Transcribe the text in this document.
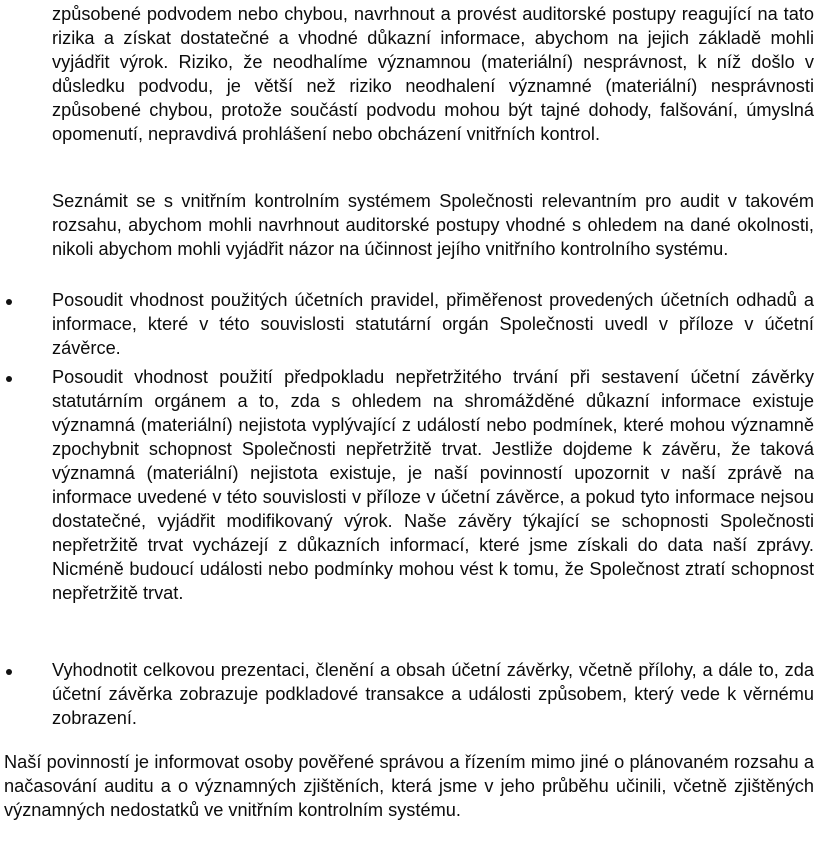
způsobené podvodem nebo chybou, navrhnout a provést auditorské postupy reagující na tato rizika a získat dostatečné a vhodné důkazní informace, abychom na jejich základě mohli vyjádřit výrok. Riziko, že neodhalíme významnou (materiální) nesprávnost, k níž došlo v důsledku podvodu, je větší než riziko neodhalení významné (materiální) nesprávnosti způsobené chybou, protože součástí podvodu mohou být tajné dohody, falšování, úmyslná opomenutí, nepravdivá prohlášení nebo obcházení vnitřních kontrol.

Seznámit se s vnitřním kontrolním systémem Společnosti relevantním pro audit v takovém rozsahu, abychom mohli navrhnout auditorské postupy vhodné s ohledem na dané okolnosti, nikoli abychom mohli vyjádřit názor na účinnost jejího vnitřního kontrolního systému.

Posoudit vhodnost použitých účetních pravidel, přiměřenost provedených účetních odhadů a informace, které v této souvislosti statutární orgán Společnosti uvedl v příloze v účetní závěrce.

Posoudit vhodnost použití předpokladu nepřetržitého trvání při sestavení účetní závěrky statutárním orgánem a to, zda s ohledem na shromážděné důkazní informace existuje významná (materiální) nejistota vyplývající z událostí nebo podmínek, které mohou významně zpochybnit schopnost Společnosti nepřetržitě trvat. Jestliže dojdeme k závěru, že taková významná (materiální) nejistota existuje, je naší povinností upozornit v naší zprávě na informace uvedené v této souvislosti v příloze v účetní závěrce, a pokud tyto informace nejsou dostatečné, vyjádřit modifikovaný výrok. Naše závěry týkající se schopnosti Společnosti nepřetržitě trvat vycházejí z důkazních informací, které jsme získali do data naší zprávy. Nicméně budoucí události nebo podmínky mohou vést k tomu, že Společnost ztratí schopnost nepřetržitě trvat.

Vyhodnotit celkovou prezentaci, členění a obsah účetní závěrky, včetně přílohy, a dále to, zda účetní závěrka zobrazuje podkladové transakce a události způsobem, který vede k věrnému zobrazení.

Naší povinností je informovat osoby pověřené správou a řízením mimo jiné o plánovaném rozsahu a načasování auditu a o významných zjištěních, která jsme v jeho průběhu učinili, včetně zjištěných významných nedostatků ve vnitřním kontrolním systému.
